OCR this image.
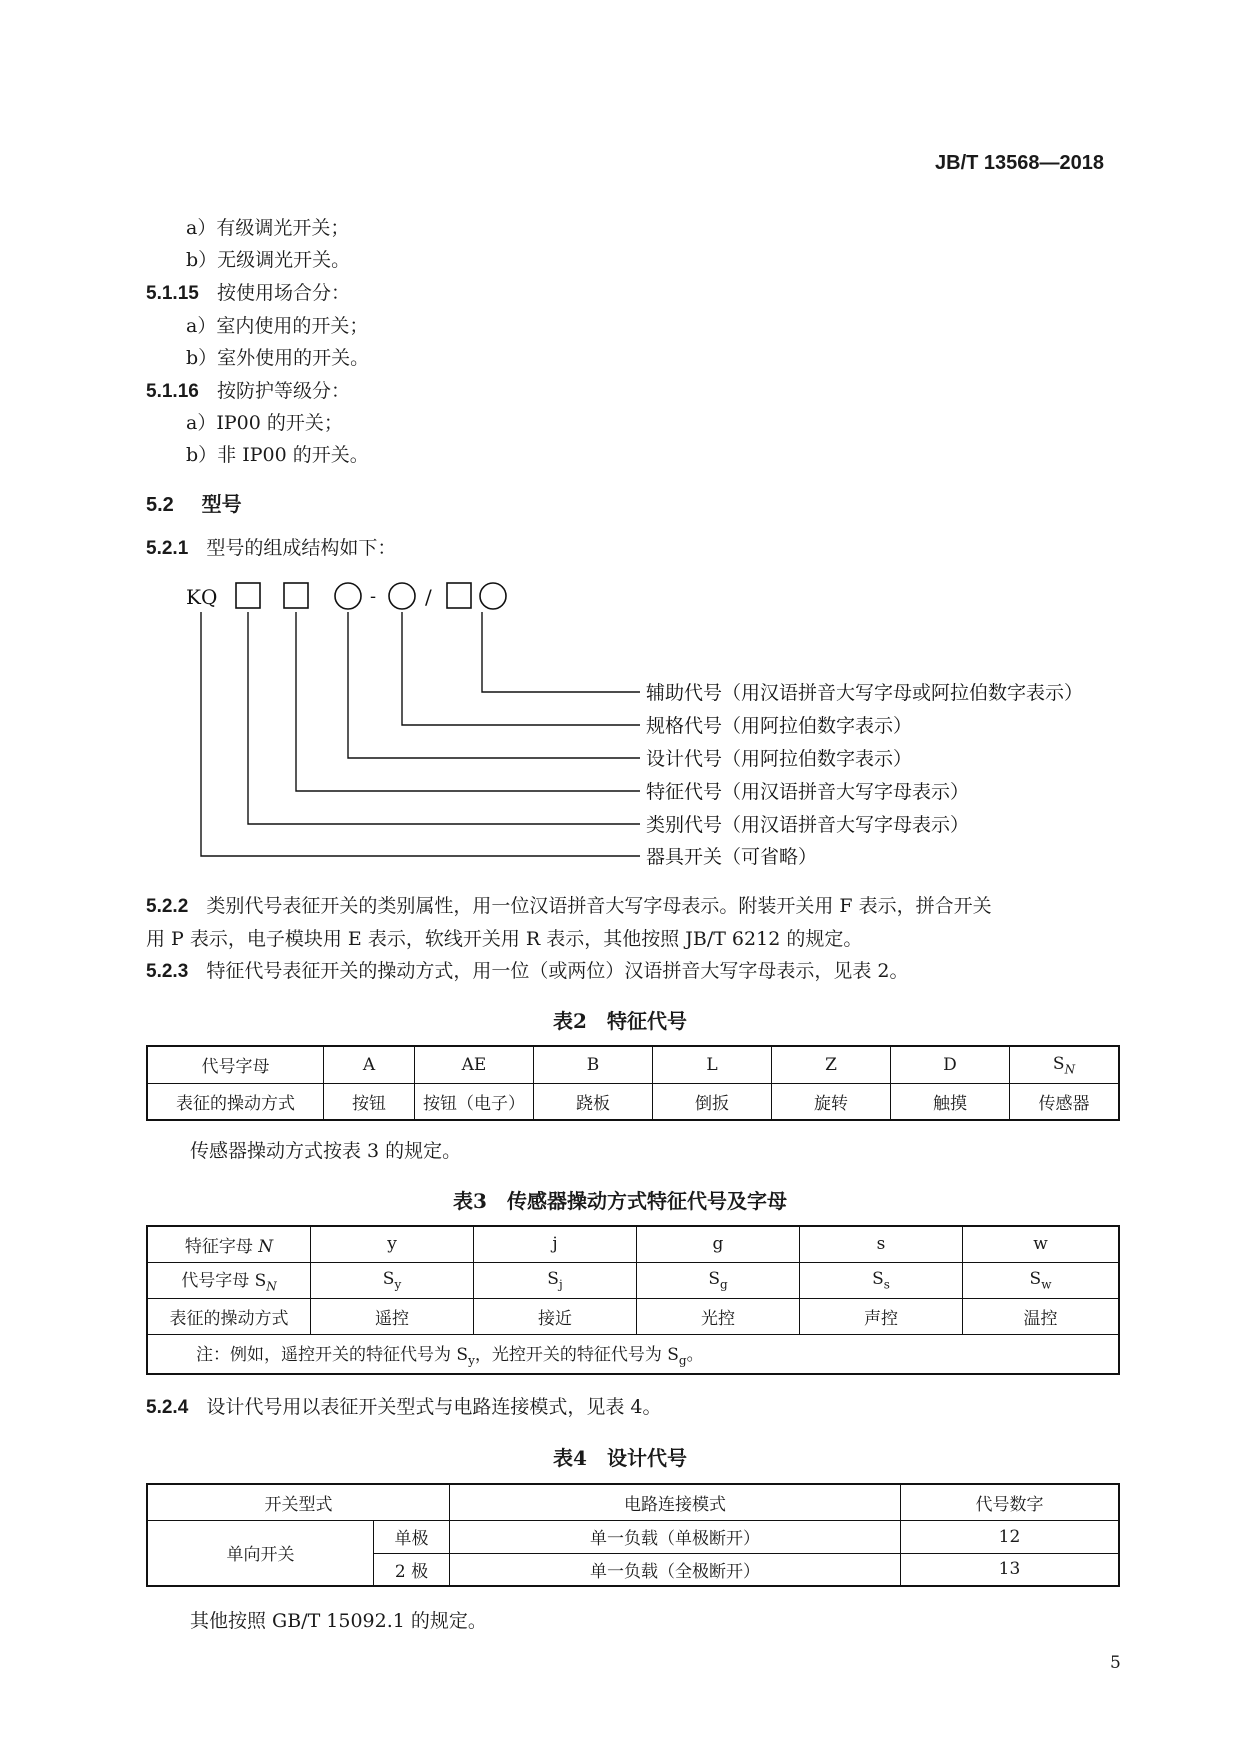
JB/T 13568—2018
a）有级调光开关；
b）无级调光开关。
5.1.15 按使用场合分：
a）室内使用的开关；
b）室外使用的开关。
5.1.16 按防护等级分：
a）IP00 的开关；
b）非 IP00 的开关。
5.2 型号
5.2.1 型号的组成结构如下：
KQ	- /
辅助代号（用汉语拼音大写字母或阿拉伯数字表示）
规格代号（用阿拉伯数字表示）
设计代号（用阿拉伯数字表示）
特征代号（用汉语拼音大写字母表示）
类别代号（用汉语拼音大写字母表示）
器具开关（可省略）
5.2.2 类别代号表征开关的类别属性，用一位汉语拼音大写字母表示。附装开关用 F 表示，拼合开关
用 P 表示，电子模块用 E 表示，软线开关用 R 表示，其他按照 JB/T 6212 的规定。
5.2.3 特征代号表征开关的操动方式，用一位（或两位）汉语拼音大写字母表示，见表 2。
表2　特征代号
代号字母	A	AE	B	L	Z	D	$S_N$
表征的操动方式	按钮	按钮（电子）	跷板	倒扳	旋转	触摸	传感器
传感器操动方式按表 3 的规定。
表3　传感器操动方式特征代号及字母
特征字母 N	y	j	g	s	w
代号字母 $S_N$	$S_y$	$S_j$	$S_g$	$S_s$	$S_w$
表征的操动方式	遥控	接近	光控	声控	温控
注：例如，遥控开关的特征代号为 $S_y$，光控开关的特征代号为 $S_g$。					
5.2.4 设计代号用以表征开关型式与电路连接模式，见表 4。
表4　设计代号
开关型式		电路连接模式	代号数字
单向开关	单极	单一负载（单极断开）	12
	2 极	单一负载（全极断开）	13
其他按照 GB/T 15092.1 的规定。
5
